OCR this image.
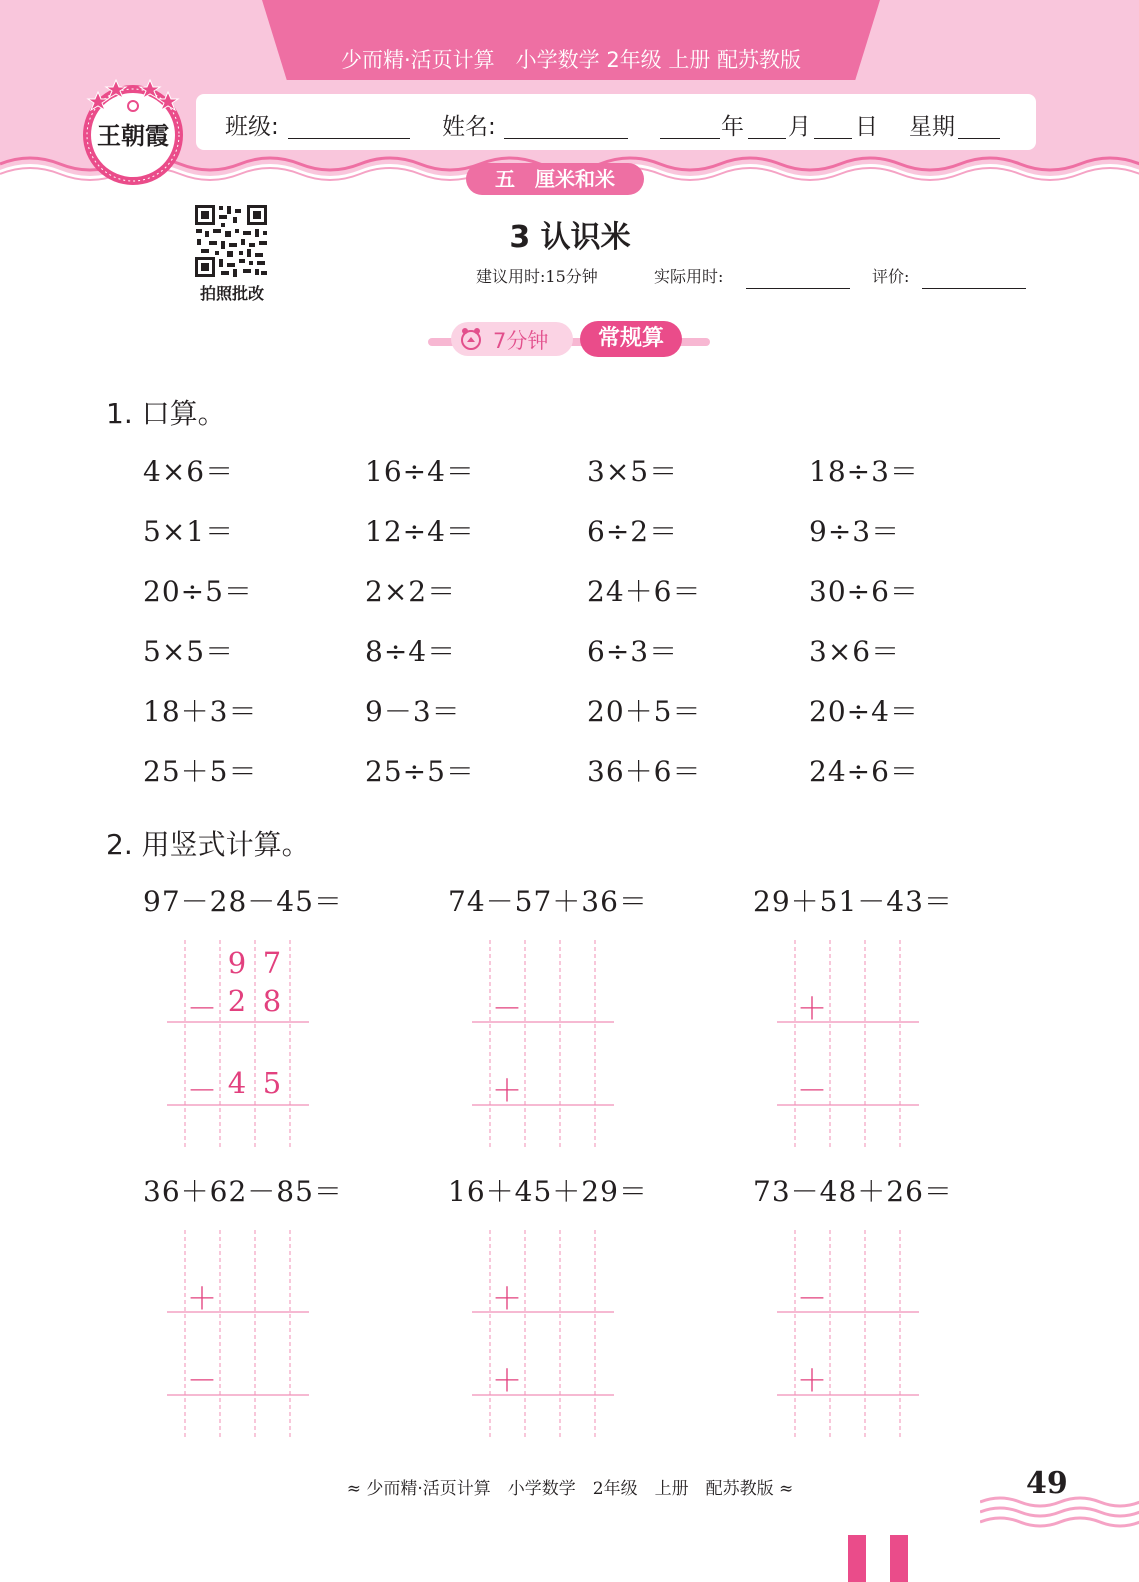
少而精·活页计算　小学数学 2年级 上册 配苏教版
班级:	姓名:	年 月 日 星期
五　厘米和米
王朝霞
拍照批改
3 认识米
建议用时:15分钟	实际用时:	评价:
7分钟	常规算
1. 口算。
4×6＝	16÷4＝	3×5＝	18÷3＝
5×1＝	12÷4＝	6÷2＝	9÷3＝
20÷5＝	2×2＝	24＋6＝	30÷6＝
5×5＝	8÷4＝	6÷3＝	3×6＝
18＋3＝	9－3＝	20＋5＝	20÷4＝
25＋5＝	25÷5＝	36＋6＝	24÷6＝
2. 用竖式计算。
97－28－45＝
9 7
－ 2 8
－ 4 5
74－57＋36＝
－
＋
29＋51－43＝
＋
－
36＋62－85＝
＋
－
16＋45＋29＝
＋
＋
73－48＋26＝
－
＋
≈ 少而精·活页计算　小学数学　2年级　上册　配苏教版 ≈	49
